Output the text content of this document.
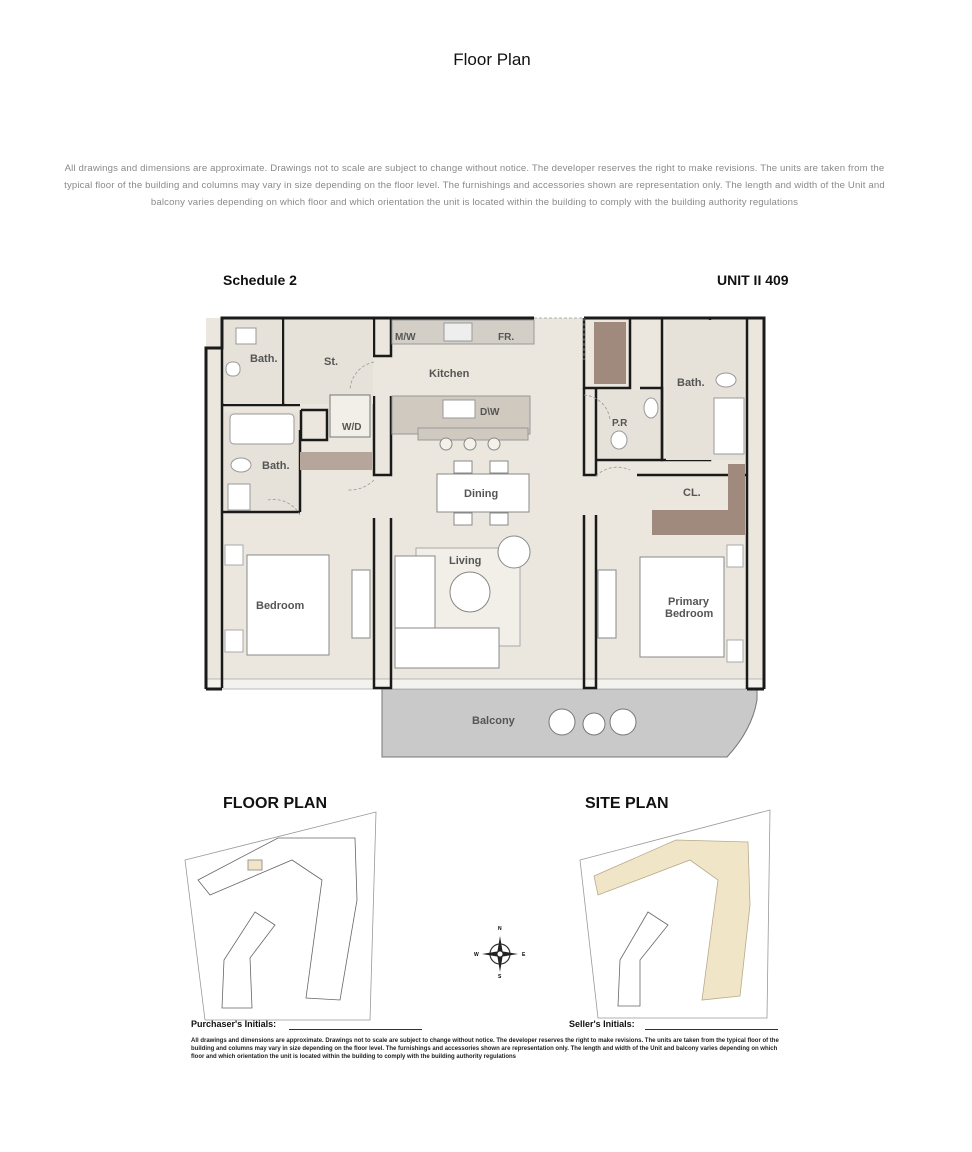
Floor Plan
All drawings and dimensions are approximate. Drawings not to scale are subject to change without notice. The developer reserves the right to make revisions. The units are taken from the typical floor of the building and columns may vary in size depending on the floor level. The furnishings and accessories shown are representation only. The length and width of the Unit and balcony varies depending on which floor and which orientation the unit is located within the building to comply with the building authority regulations
Schedule 2	UNIT II 409
Bath.	St.
M/W	FR.
Kitchen
D\W
W/D
Bath.
Dining
Living
Bedroom
Bath.
P.R
CL.
Primary
Bedroom
Balcony
N
S
E
W
FLOOR PLAN	SITE PLAN
Purchaser's Initials:	Seller's Initials:
All drawings and dimensions are approximate. Drawings not to scale are subject to change without notice. The developer reserves the right to make revisions. The units are taken from the typical floor of the building and columns may vary in size depending on the floor level. The furnishings and accessories shown are representation only. The length and width of the Unit and balcony varies depending on which floor and which orientation the unit is located within the building to comply with the building authority regulations
